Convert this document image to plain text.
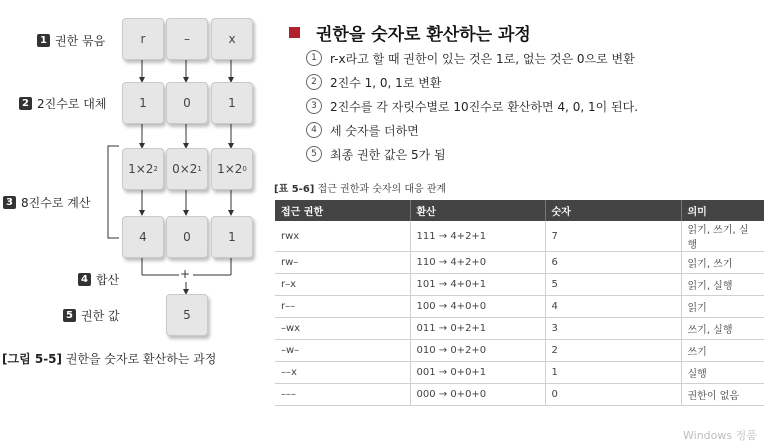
1 권한 묶음
2 2진수로 대체
3 8진수로 계산
4 합산
5 권한 값
r	–	x
1	0	1
1×2 2 0×2 1 1×2 0
4	0	1
+
5
[그림 5-5] 권한을 숫자로 환산하는 과정
권한을 숫자로 환산하는 과정
1	r-x라고 할 때 권한이 있는 것은 1로, 없는 것은 0으로 변환
2	2진수 1, 0, 1로 변환
3	2진수를 각 자릿수별로 10진수로 환산하면 4, 0, 1이 된다.
4	세 숫자를 더하면
5	최종 권한 값은 5가 됨
[표 5-6] 접근 권한과 숫자의 대응 관계
접근 권한	환산	숫자	의미
rwx	111 → 4+2+1	7	읽기, 쓰기, 실행
rw–	110 → 4+2+0	6	읽기, 쓰기
r–x	101 → 4+0+1	5	읽기, 실행
r––	100 → 4+0+0	4	읽기
–wx	011 → 0+2+1	3	쓰기, 실행
–w–	010 → 0+2+0	2	쓰기
––x	001 → 0+0+1	1	실행
–––	000 → 0+0+0	0	권한이 없음
Windows 정품
